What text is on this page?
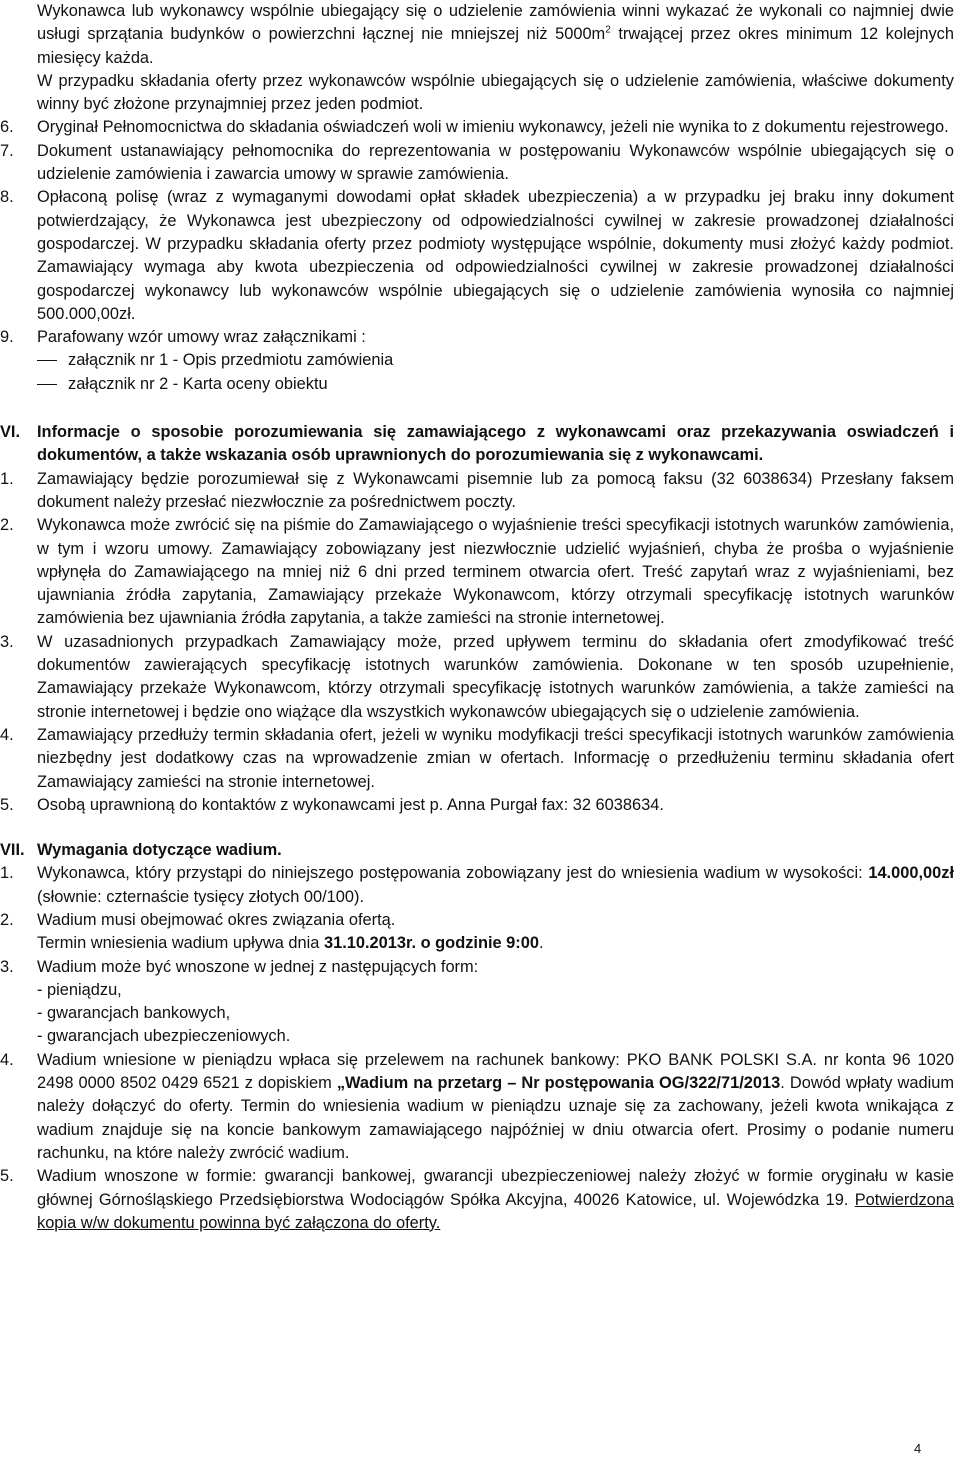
Wykonawca lub wykonawcy wspólnie ubiegający się o udzielenie zamówienia winni wykazać że wykonali co najmniej dwie usługi sprzątania budynków o powierzchni łącznej nie mniejszej niż $5000m^2$ trwającej przez okres minimum 12 kolejnych miesięcy każda.

W przypadku składania oferty przez wykonawców wspólnie ubiegających się o udzielenie zamówienia, właściwe dokumenty winny być złożone przynajmniej przez jeden podmiot.

6.	Oryginał Pełnomocnictwa do składania oświadczeń woli w imieniu wykonawcy, jeżeli nie wynika to z dokumentu rejestrowego.
7.	Dokument ustanawiający pełnomocnika do reprezentowania w postępowaniu Wykonawców wspólnie ubiegających się o udzielenie zamówienia i zawarcia umowy w sprawie zamówienia.
8.	Opłaconą polisę (wraz z wymaganymi dowodami opłat składek ubezpieczenia) a w przypadku jej braku inny dokument potwierdzający, że Wykonawca jest ubezpieczony od odpowiedzialności cywilnej w zakresie prowadzonej działalności gospodarczej. W przypadku składania oferty przez podmioty występujące wspólnie, dokumenty musi złożyć każdy podmiot. Zamawiający wymaga aby kwota ubezpieczenia od odpowiedzialności cywilnej w zakresie prowadzonej działalności gospodarczej wykonawcy lub wykonawców wspólnie ubiegających się o udzielenie zamówienia wynosiła co najmniej 500.000,00zł.
9.	Parafowany wzór umowy wraz załącznikami :
załącznik nr 1 - Opis przedmiotu zamówienia
załącznik nr 2 - Karta oceny obiektu
VI. Informacje o sposobie porozumiewania się zamawiającego z wykonawcami oraz przekazywania oswiadczeń i dokumentów, a także wskazania osób uprawnionych do porozumiewania się z wykonawcami.
1.	Zamawiający będzie porozumiewał się z Wykonawcami pisemnie lub za pomocą faksu (32 6038634) Przesłany faksem dokument należy przesłać niezwłocznie za pośrednictwem poczty.
2.	Wykonawca może zwrócić się na piśmie do Zamawiającego o wyjaśnienie treści specyfikacji istotnych warunków zamówienia, w tym i wzoru umowy. Zamawiający zobowiązany jest niezwłocznie udzielić wyjaśnień, chyba że prośba o wyjaśnienie wpłynęła do Zamawiającego na mniej niż 6 dni przed terminem otwarcia ofert. Treść zapytań wraz z wyjaśnieniami, bez ujawniania źródła zapytania, Zamawiający przekaże Wykonawcom, którzy otrzymali specyfikację istotnych warunków zamówienia bez ujawniania źródła zapytania, a także zamieści na stronie internetowej.
3.	W uzasadnionych przypadkach Zamawiający może, przed upływem terminu do składania ofert zmodyfikować treść dokumentów zawierających specyfikację istotnych warunków zamówienia. Dokonane w ten sposób uzupełnienie, Zamawiający przekaże Wykonawcom, którzy otrzymali specyfikację istotnych warunków zamówienia, a także zamieści na stronie internetowej i będzie ono wiążące dla wszystkich wykonawców ubiegających się o udzielenie zamówienia.
4.	Zamawiający przedłuży termin składania ofert, jeżeli w wyniku modyfikacji treści specyfikacji istotnych warunków zamówienia niezbędny jest dodatkowy czas na wprowadzenie zmian w ofertach. Informację o przedłużeniu terminu składania ofert Zamawiający zamieści na stronie internetowej.
5.	Osobą uprawnioną do kontaktów z wykonawcami jest p. Anna Purgał fax: 32 6038634.
VII. Wymagania dotyczące wadium.
1.	Wykonawca, który przystąpi do niniejszego postępowania zobowiązany jest do wniesienia wadium w wysokości: 14.000,00zł (słownie: czternaście tysięcy złotych 00/100).
2.	Wadium musi obejmować okres związania ofertą.
Termin wniesienia wadium upływa dnia 31.10.2013r. o godzinie 9:00.
3.	Wadium może być wnoszone w jednej z następujących form:
- pieniądzu,
- gwarancjach bankowych,
- gwarancjach ubezpieczeniowych.
4.	Wadium wniesione w pieniądzu wpłaca się przelewem na rachunek bankowy: PKO BANK POLSKI S.A. nr konta 96 1020 2498 0000 8502 0429 6521 z dopiskiem „Wadium na przetarg – Nr postępowania OG/322/71/2013. Dowód wpłaty wadium należy dołączyć do oferty. Termin do wniesienia wadium w pieniądzu uznaje się za zachowany, jeżeli kwota wnikająca z wadium znajduje się na koncie bankowym zamawiającego najpóźniej w dniu otwarcia ofert. Prosimy o podanie numeru rachunku, na które należy zwrócić wadium.
5.	Wadium wnoszone w formie: gwarancji bankowej, gwarancji ubezpieczeniowej należy złożyć w formie oryginału w kasie głównej Górnośląskiego Przedsiębiorstwa Wodociągów Spółka Akcyjna, 40026 Katowice, ul. Wojewódzka 19. Potwierdzona kopia w/w dokumentu powinna być załączona do oferty.
4
